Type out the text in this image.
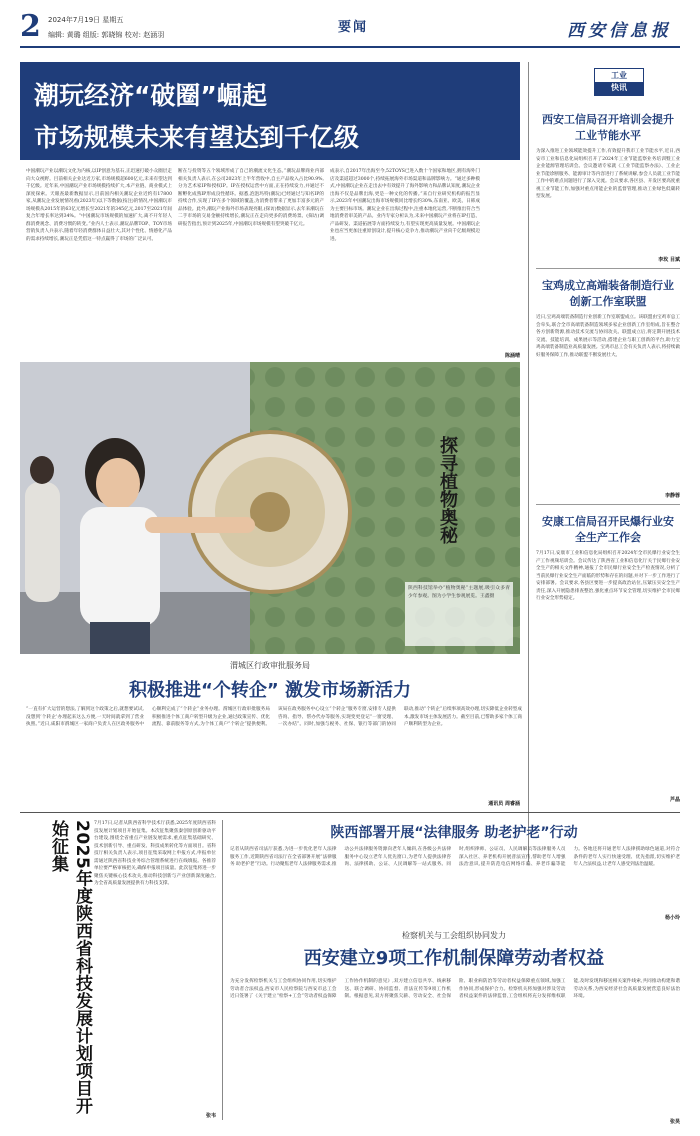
2 2024年7月19日 星期五
编辑: 黄璐 组版: 郭晓锦 校对: 赵涵羽	要闻	西安信息报
潮玩经济“破圈”崛起
市场规模未来有望达到千亿级
中国潮玩产业以潮玩文化为内核,以IP创意为基石,正迅速打破小众圈层走向大众视野。目前相关企业达近万家,市场规模超600亿元,未来有望达到千亿级。近年来,中国潮玩产业市场规模持续扩大,本产业链、商业模式上深度探索。天眼查最新数据显示,目前国内相关潮玩企业近约有17800家,从潮玩企业发展情况看(2023年)以下等数据(按注)的情况,中国潮玩市场规模从2015年的63亿元增长至2021年的345亿元,2017至2021年间复合年增长率达到34%。“中国潮玩市场规模的加速扩大,离不开年轻人群消费观念、消费习惯的转变。”业内人士表示,潮玩品牌TOP、TOY市场营销负责人兵表示,随着年轻消费群体日益壮大,其对个性化、情感化产品的需求持续增长,潮玩正是凭借这一特点赢得了市场的广泛认可。
断在与投资等五个领域形成了自己的潮流文化生态。”潮玩品牌商业内部相关负责人表示,在公司2023年上半年营收中,自主产品收入占比90.9%,分为艺术家IP和授权IP。IP在授权运营中方面,正在持续发力,并通过不断孵化成熟IP形成良性循环。据悉,泡泡玛特(潮玩)已经通过与知名IP的持续合作,实现了IP在多个领域的覆盖,为消费者带来了更加丰富多元的产品体验。此外,潮玩产业海外市场表现亮眼,(探访)数据显示,去年来潮玩在二手市场的交易金额持续增长,潮玩正在走向更多的消费场景。(探访)调研报告指出,预计到2025年,中国潮玩市场规模有望突破千亿元。
成表示,自2017年出海至今,52TOYS已进入数十个国家和地区,拥有海外门店及渠道超过3000个,持续拓展海外市场渠道和品牌影响力。“通过多种模式,中国潮玩企业在走出去中有效提升了海外影响力和品牌认知度,潮玩企业出海不仅是品牌出海,更是一种文化的传播。”来自行业研究机构的报告显示,2023年中国潮玩出海市场规模同比增长约30%,东南亚、欧美、日韩成为主要目标市场。潮玩企业在出海过程中,注重本地化运营,不断推出符合当地消费者审美的产品。业内专家分析认为,未来中国潮玩产业将在IP打造、产品研发、渠道拓展等方面持续发力,有望实现更高质量发展。中国潮玩企业也应当更加注重原创设计,提升核心竞争力,推动潮玩产业向千亿级规模迈进。
陈涵晴
探寻植物奥秘
陕西科技馆举办“植物奥秘”主题展,吸引众多青少年参观。图为小学生参观展览。王鑫摄
工业
快讯
西安工信局召开培训会提升工业节能水平
为深入推进工业领域能效提升工作,有效提升我市工业节能水平,近日,西安市工业和信息化局组织召开了2024年工业节能监察业务培训暨工业企业能源管理培训会。会议邀请专家就《工业节能监察办法》、工业企业节能诊断服务、能源审计等内容进行了系统讲解,参会人员就工业节能工作中的难点问题进行了深入交流。会议要求,各区县、开发区要高度重视工业节能工作,加强对重点用能企业的监督管理,推动工业绿色低碳转型发展。
李玫 目斌
宝鸡成立高端装备制造行业创新工作室联盟
近日,宝鸡高端装备制造行业创新工作室联盟成立。该联盟由宝鸡市总工会牵头,联合全市高端装备制造领域多家企业创新工作室组成,旨在整合各方创新资源,推动技术交流与协同攻关。联盟成立后,将定期开展技术交流、技能培训、成果展示等活动,搭建企业与职工创新的平台,助力宝鸡高端装备制造业高质量发展。宝鸡市总工会有关负责人表示,将持续做好服务保障工作,推动联盟不断发展壮大。
李静蓉
安康工信局召开民爆行业安全生产工作会
7月17日,安康市工业和信息化局组织召开2024年全市民爆行业安全生产工作视频培训会。会议传达了陕西省工业和信息化厅关于民爆行业安全生产的相关文件精神,通报了全市民爆行业安全生产检查情况,分析了当前民爆行业安全生产面临的形势和存在的问题,并对下一步工作进行了安排部署。会议要求,各县区要进一步提高政治站位,压紧压实安全生产责任,深入开展隐患排查整治,强化重点环节安全管理,切实维护全市民爆行业安全形势稳定。
芦晶
渭城区行政审批服务局
积极推进“个转企” 激发市场新活力
“一直有扩大运营的想法,了解到这个政策之后,就想要试试,没想到‘个转企’办理起来这么方便,一天时间就拿到了营业执照。”近日,咸阳市渭城区一家商户负责人在区政务服务中心顺利完成了“个转企”业务办理。渭城区行政审批服务局积极推进个体工商户转型升级为企业,通过政策宣传、优化流程、靠前服务等方式,为个体工商户“个转企”提供便利。该局在政务服务中心设立“个转企”服务专窗,安排专人提供咨询、指导、帮办代办等服务,实现变更登记“一窗受理、一次办结”。同时,加强与税务、社保、银行等部门的协同联动,推动“个转企”后续事项高效办理,切实降低企业转型成本,激发市场主体发展活力。截至目前,已帮助多家个体工商户顺利转型为企业。
通讯员 周睿涵
2025年度陕西省科技发展计划项目开始征集	7月17日,记者从陕西省科学技术厅获悉,2025年度陕西省科技发展计划项目开始征集。本次征集聚焦秦创原创新驱动平台建设,围绕全省重点产业链发展需求,重点征集基础研究、技术创新引导、重点研发、科技成果转化等方面项目。省科技厅相关负责人表示,项目征集采取网上申报方式,申报单位需通过陕西省科技业务综合管理系统进行在线填报。各推荐单位要严格审核把关,确保申报项目质量。此次征集将进一步聚焦关键核心技术攻关,推动科技创新与产业创新深度融合,为全省高质量发展提供有力科技支撑。
张韦
陕西部署开展“法律服务 助老护老”行动
记者从陕西省司法厅获悉,为进一步优化老年人法律服务工作,近期陕西省司法厅在全省部署开展“法律服务 助老护老”行动。行动聚焦老年人法律服务需求,推动公共法律服务资源向老年人倾斜,在各级公共法律服务中心设立老年人优先窗口,为老年人提供法律咨询、法律援助、公证、人民调解等一站式服务。同时,组织律师、公证员、人民调解员等法律服务人员深入社区、养老机构开展普法宣传,帮助老年人增强法治意识,提升防范电信网络诈骗、养老诈骗等能力。各地还将开通老年人法律援助绿色通道,对符合条件的老年人实行快速受理、优先指派,切实维护老年人合法权益,让老年人感受到法治温暖。
杨小玲
检察机关与工会组织协同发力
西安建立9项工作机制保障劳动者权益
为充分发挥检察机关与工会组织协同作用,切实维护劳动者合法权益,西安市人民检察院与西安市总工会近日签署了《关于建立“检察+工会”劳动者权益保障工作协作机制的意见》,双方建立信息共享、线索移送、联合调研、协同监督、普法宣传等9项工作机制。根据意见,双方将聚焦欠薪、劳动安全、社会保险、职业病防治等劳动者权益保障重点领域,加强工作协同,形成保护合力。检察机关将加强对涉及劳动者权益案件的法律监督,工会组织将充分发挥维权职能,及时发现和移送相关案件线索,共同推动构建和谐劳动关系,为西安经济社会高质量发展营造良好法治环境。
张昊
